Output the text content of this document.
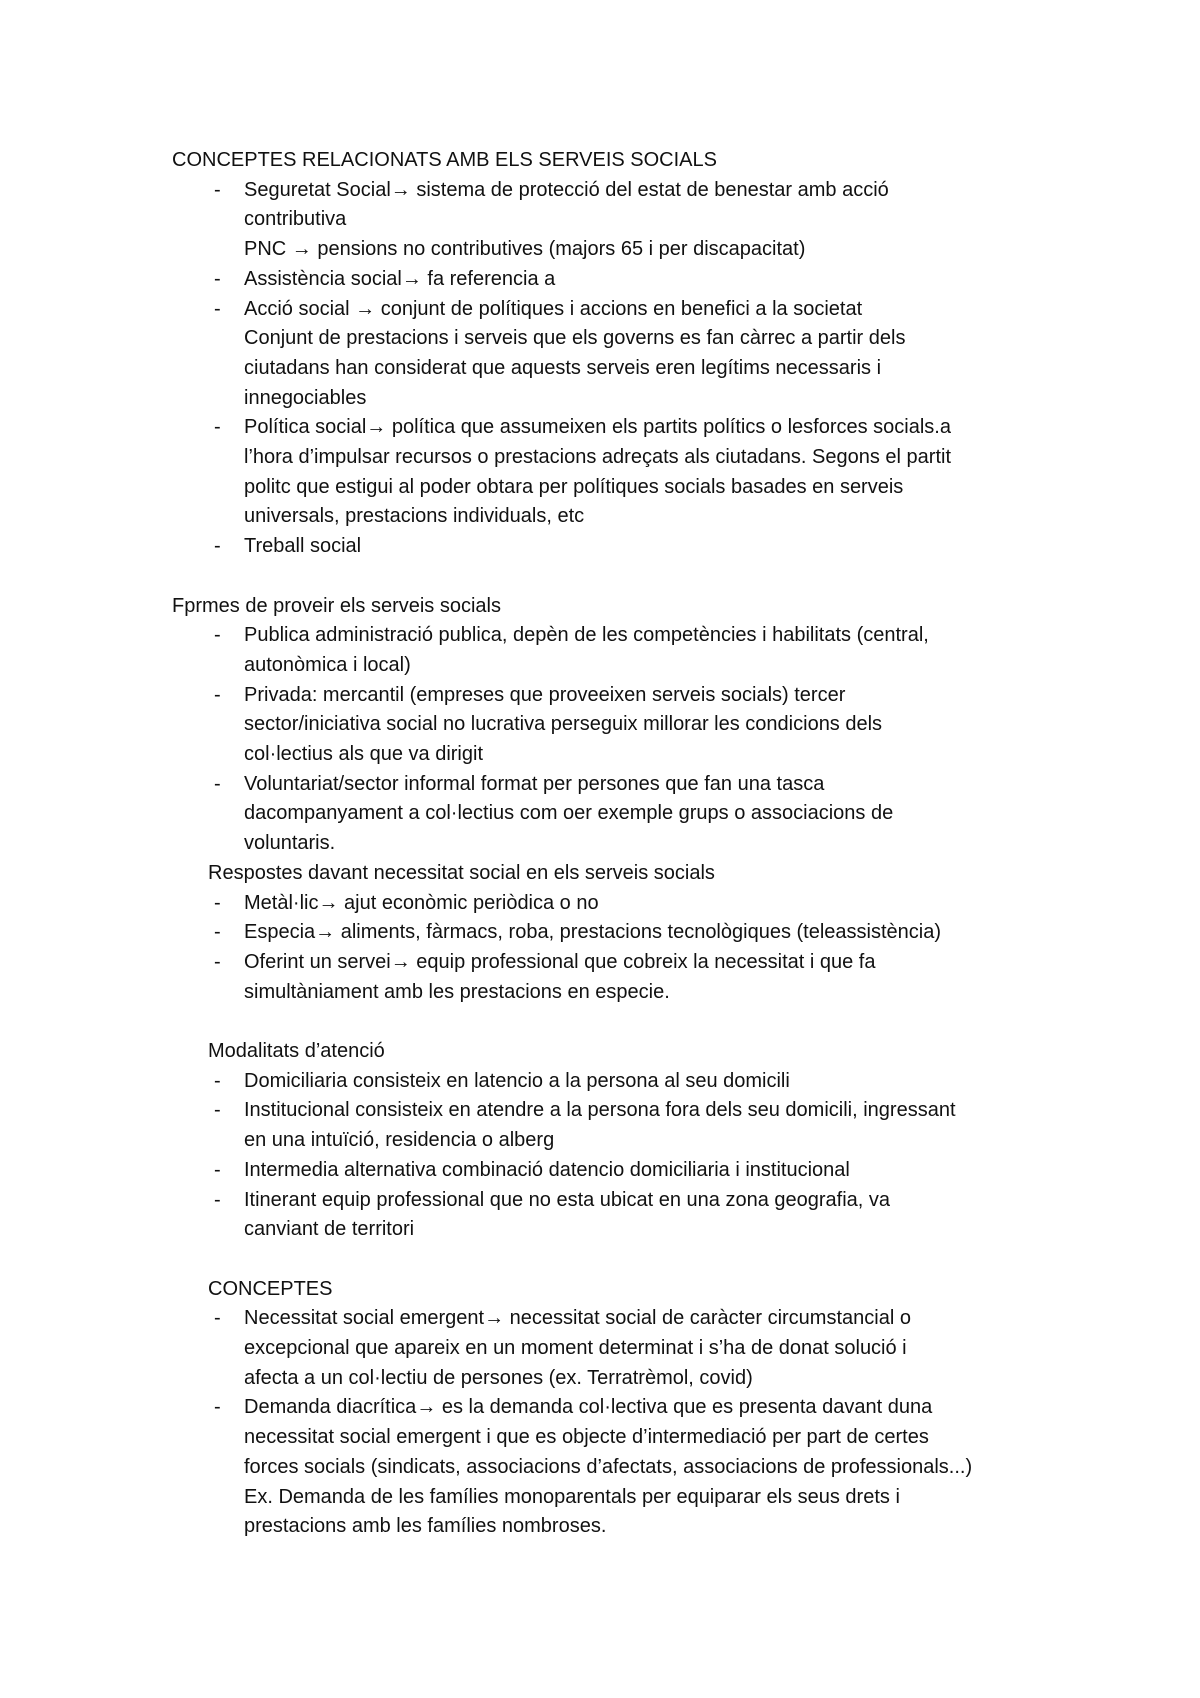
CONCEPTES RELACIONATS AMB ELS SERVEIS SOCIALS
- Seguretat Social→ sistema de protecció del estat de benestar amb acció
contributiva
PNC → pensions no contributives (majors 65 i per discapacitat)
- Assistència social→ fa referencia a
- Acció social → conjunt de polítiques i accions en benefici a la societat
Conjunt de prestacions i serveis que els governs es fan càrrec a partir dels
ciutadans han considerat que aquests serveis eren legítims necessaris i
innegociables
- Política social→ política que assumeixen els partits polítics o lesforces socials.a
l’hora d’impulsar recursos o prestacions adreçats als ciutadans. Segons el partit
politc que estigui al poder obtara per polítiques socials basades en serveis
universals, prestacions individuals, etc
- Treball social
Fprmes de proveir els serveis socials
- Publica administració publica, depèn de les competències i habilitats (central,
autonòmica i local)
- Privada: mercantil (empreses que proveeixen serveis socials) tercer
sector/iniciativa social no lucrativa perseguix millorar les condicions dels
col·lectius als que va dirigit
- Voluntariat/sector informal format per persones que fan una tasca
dacompanyament a col·lectius com oer exemple grups o associacions de
voluntaris.
Respostes davant necessitat social en els serveis socials
- Metàl·lic→ ajut econòmic periòdica o no
- Especia→ aliments, fàrmacs, roba, prestacions tecnològiques (teleassistència)
- Oferint un servei→ equip professional que cobreix la necessitat i que fa
simultàniament amb les prestacions en especie.
Modalitats d’atenció
- Domiciliaria consisteix en latencio a la persona al seu domicili
- Institucional consisteix en atendre a la persona fora dels seu domicili, ingressant
en una intuïció, residencia o alberg
- Intermedia alternativa combinació datencio domiciliaria i institucional
- Itinerant equip professional que no esta ubicat en una zona geografia, va
canviant de territori
CONCEPTES
- Necessitat social emergent→ necessitat social de caràcter circumstancial o
excepcional que apareix en un moment determinat i s’ha de donat solució i
afecta a un col·lectiu de persones (ex. Terratrèmol, covid)
- Demanda diacrítica→ es la demanda col·lectiva que es presenta davant duna
necessitat social emergent i que es objecte d’intermediació per part de certes
forces socials (sindicats, associacions d’afectats, associacions de professionals...)
Ex. Demanda de les famílies monoparentals per equiparar els seus drets i
prestacions amb les famílies nombroses.
